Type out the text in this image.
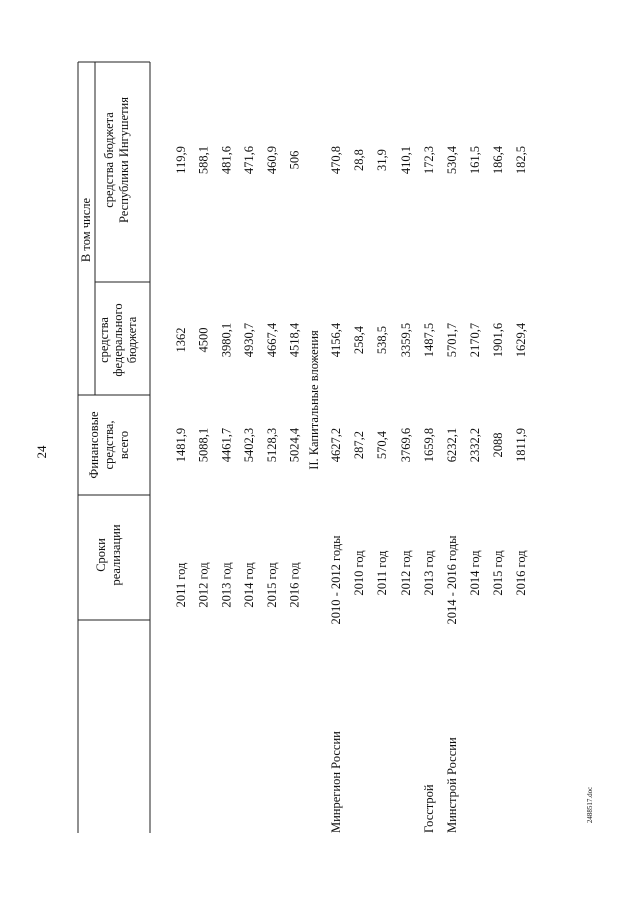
24
2488517.doc
Сроки реализации
Финансовые средства, всего
В том числе
средства федерального бюджета
средства бюджета Республики Ингушетия
2011 год
1481,9
1362
119,9
2012 год
5088,1
4500
588,1
2013 год
4461,7
3980,1
481,6
2014 год
5402,3
4930,7
471,6
2015 год
5128,3
4667,4
460,9
2016 год
5024,4
4518,4
506
II. Капитальные вложения
Минрегион России
2010 - 2012 годы
4627,2
4156,4
470,8
2010 год
287,2
258,4
28,8
2011 год
570,4
538,5
31,9
2012 год
3769,6
3359,5
410,1
Госстрой
2013 год
1659,8
1487,5
172,3
Минстрой России
2014 - 2016 годы
6232,1
5701,7
530,4
2014 год
2332,2
2170,7
161,5
2015 год
2088
1901,6
186,4
2016 год
1811,9
1629,4
182,5
